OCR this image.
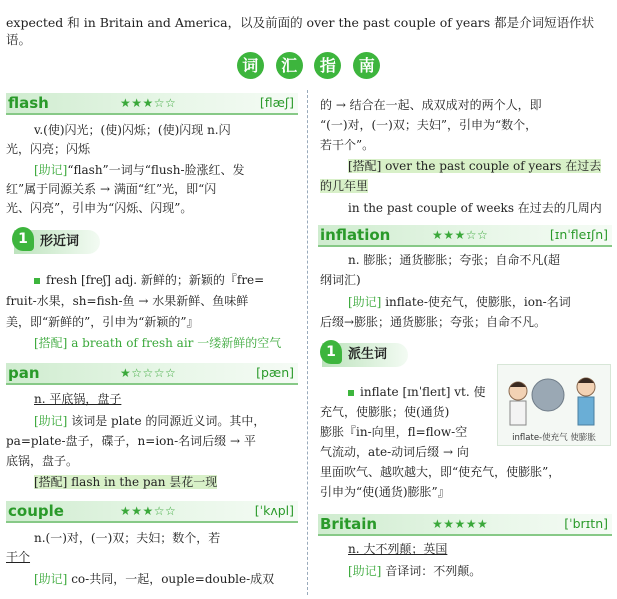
expected 和 in Britain and America，以及前面的 over the past couple of years 都是介词短语作状语。
词 汇 指 南
flash	★★★☆☆	[flæʃ]
v.(使)闪光；(使)闪烁；(使)闪现 n.闪
光，闪亮；闪烁
[助记]“flash”一词与“flush-脸涨红、发
红”属于同源关系 → 满面“红”光，即“闪
光、闪亮”，引申为“闪烁、闪现”。
1 形近词
fresh [freʃ] adj. 新鲜的；新颖的『fre=
fruit-水果，sh=fish-鱼 → 水果新鲜、鱼味鲜
美，即“新鲜的”，引申为“新颖的”』
[搭配] a breath of fresh air 一缕新鲜的空气
pan	★☆☆☆☆	[pæn]
n. 平底锅，盘子
[助记] 该词是 plate 的同源近义词。其中，
pa=plate-盘子，碟子，n=ion-名词后缀 → 平
底锅，盘子。
[搭配] flash in the pan 昙花一现
couple	★★★☆☆	[ˈkʌpl]
n.(一)对，(一)双；夫妇；数个，若
干个
[助记] co-共同，一起，ouple=double-成双
的 → 结合在一起、成双成对的两个人，即
“(一)对，(一)双；夫妇”，引申为“数个，
若干个”。
[搭配] over the past couple of years 在过去
的几年里
in the past couple of weeks 在过去的几周内
inflation	★★★☆☆	[ɪnˈfleɪʃn]
n. 膨胀；通货膨胀；夸张；自命不凡(超
纲词汇)
[助记] inflate-使充气，使膨胀，ion-名词
后缀→膨胀；通货膨胀；夸张；自命不凡。
1 派生词
inflate [ɪnˈfleɪt] vt. 使
充气，使膨胀；使(通货)
膨胀『in-向里，fl=flow-空
气流动，ate-动词后缀 → 向
里面吹气、越吹越大，即“使充气，使膨胀”，
引申为“使(通货)膨胀”』
inflate-使充气 使膨胀
Britain	★★★★★	[ˈbrɪtn]
n. 大不列颠；英国
[助记] 音译词：不列颠。
